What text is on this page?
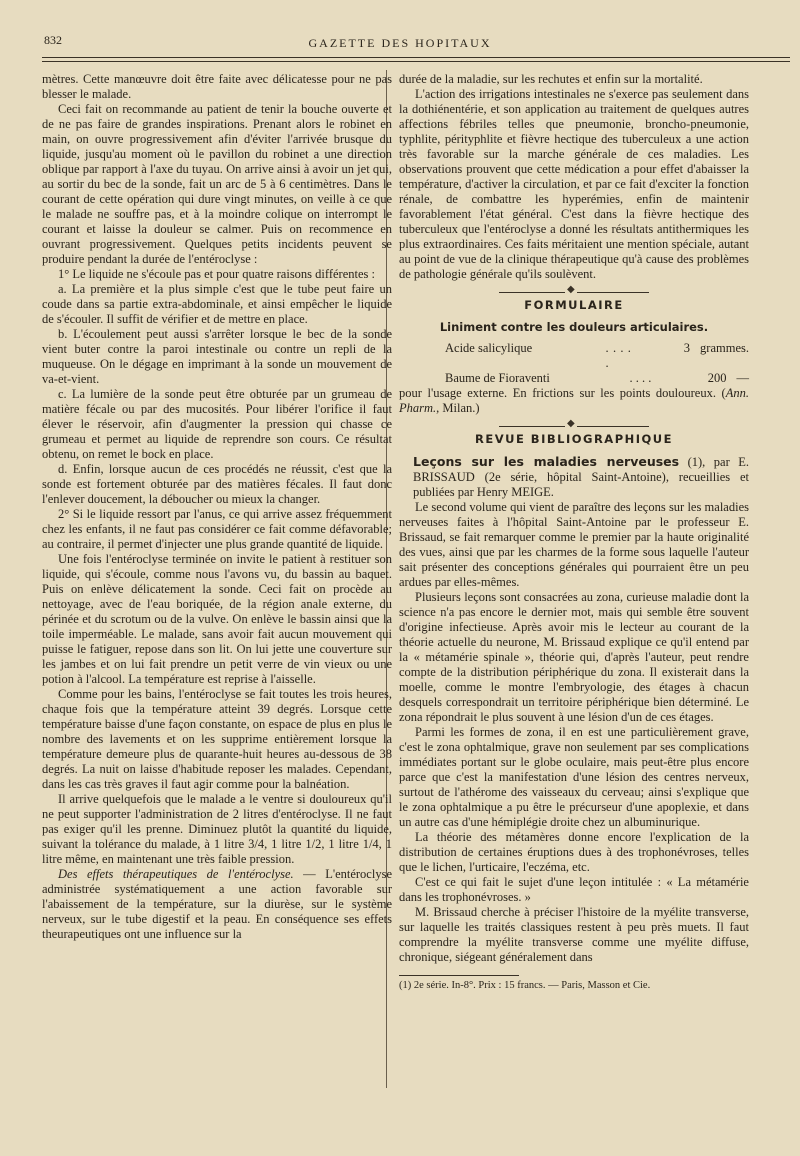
832	GAZETTE DES HOPITAUX

mètres. Cette manœuvre doit être faite avec délicatesse pour ne pas blesser le malade.

Ceci fait on recommande au patient de tenir la bouche ouverte et de ne pas faire de grandes inspirations. Prenant alors le robinet en main, on ouvre progressivement afin d'éviter l'arrivée brusque du liquide, jusqu'au moment où le pavillon du robinet a une direction oblique par rapport à l'axe du tuyau. On arrive ainsi à avoir un jet qui, au sortir du bec de la sonde, fait un arc de 5 à 6 centimètres. Dans le courant de cette opération qui dure vingt minutes, on veille à ce que le malade ne souffre pas, et à la moindre colique on interrompt le courant et laisse la douleur se calmer. Puis on recommence en ouvrant progressivement. Quelques petits incidents peuvent se produire pendant la durée de l'entéroclyse :

1° Le liquide ne s'écoule pas et pour quatre raisons différentes :

a. La première et la plus simple c'est que le tube peut faire un coude dans sa partie extra-abdominale, et ainsi empêcher le liquide de s'écouler. Il suffit de vérifier et de mettre en place.

b. L'écoulement peut aussi s'arrêter lorsque le bec de la sonde vient buter contre la paroi intestinale ou contre un repli de la muqueuse. On le dégage en imprimant à la sonde un mouvement de va-et-vient.

c. La lumière de la sonde peut être obturée par un grumeau de matière fécale ou par des mucosités. Pour libérer l'orifice il faut élever le réservoir, afin d'augmenter la pression qui chasse ce grumeau et permet au liquide de reprendre son cours. Ce résultat obtenu, on remet le bock en place.

d. Enfin, lorsque aucun de ces procédés ne réussit, c'est que la sonde est fortement obturée par des matières fécales. Il faut donc l'enlever doucement, la déboucher ou mieux la changer.

2° Si le liquide ressort par l'anus, ce qui arrive assez fréquemment chez les enfants, il ne faut pas considérer ce fait comme défavorable; au contraire, il permet d'injecter une plus grande quantité de liquide.

Une fois l'entéroclyse terminée on invite le patient à restituer son liquide, qui s'écoule, comme nous l'avons vu, du bassin au baquet. Puis on enlève délicatement la sonde. Ceci fait on procède au nettoyage, avec de l'eau boriquée, de la région anale externe, du périnée et du scrotum ou de la vulve. On enlève le bassin ainsi que la toile imperméable. Le malade, sans avoir fait aucun mouvement qui puisse le fatiguer, repose dans son lit. On lui jette une couverture sur les jambes et on lui fait prendre un petit verre de vin vieux ou une potion à l'alcool. La température est reprise à l'aisselle.

Comme pour les bains, l'entéroclyse se fait toutes les trois heures, chaque fois que la température atteint 39 degrés. Lorsque cette température baisse d'une façon constante, on espace de plus en plus le nombre des lavements et on les supprime entièrement lorsque la température demeure plus de quarante-huit heures au-dessous de 38 degrés. La nuit on laisse d'habitude reposer les malades. Cependant, dans les cas très graves il faut agir comme pour la balnéation.

Il arrive quelquefois que le malade a le ventre si douloureux qu'il ne peut supporter l'administration de 2 litres d'entéroclyse. Il ne faut pas exiger qu'il les prenne. Diminuez plutôt la quantité du liquide, suivant la tolérance du malade, à 1 litre 3/4, 1 litre 1/2, 1 litre 1/4, 1 litre même, en maintenant une très faible pression.

Des effets thérapeutiques de l'entéroclyse. — L'entéroclyse administrée systématiquement a une action favorable sur l'abaissement de la température, sur la diurèse, sur le système nerveux, sur le tube digestif et la peau. En conséquence ses effets theurapeutiques ont une influence sur la

durée de la maladie, sur les rechutes et enfin sur la mortalité.

L'action des irrigations intestinales ne s'exerce pas seulement dans la dothiénentérie, et son application au traitement de quelques autres affections fébriles telles que pneumonie, broncho-pneumonie, typhlite, pérityphlite et fièvre hectique des tuberculeux a une action très favorable sur la marche générale de ces maladies. Les observations prouvent que cette médication a pour effet d'abaisser la température, d'activer la circulation, et par ce fait d'exciter la fonction rénale, de combattre les hyperémies, enfin de maintenir favorablement l'état général. C'est dans la fièvre hectique des tuberculeux que l'entéroclyse a donné les résultats antithermiques les plus extraordinaires. Ces faits méritaient une mention spéciale, autant au point de vue de la clinique thérapeutique qu'à cause des problèmes de pathologie générale qu'ils soulèvent.

◆
FORMULAIRE
Liniment contre les douleurs articulaires.
Acide salicylique	. . . . .
3 grammes.
Baume de Fioraventi	. . . .	200 —

pour l'usage externe. En frictions sur les points douloureux. (Ann. Pharm., Milan.)

◆
REVUE BIBLIOGRAPHIQUE

Leçons sur les maladies nerveuses (1), par E. BRISSAUD (2e série, hôpital Saint-Antoine), recueillies et publiées par Henry MEIGE.

Le second volume qui vient de paraître des leçons sur les maladies nerveuses faites à l'hôpital Saint-Antoine par le professeur E. Brissaud, se fait remarquer comme le premier par la haute originalité des vues, ainsi que par les charmes de la forme sous laquelle l'auteur sait présenter des conceptions générales qui pourraient être un peu ardues par elles-mêmes.

Plusieurs leçons sont consacrées au zona, curieuse maladie dont la science n'a pas encore le dernier mot, mais qui semble être souvent d'origine infectieuse. Après avoir mis le lecteur au courant de la théorie actuelle du neurone, M. Brissaud explique ce qu'il entend par la « métamérie spinale », théorie qui, d'après l'auteur, peut rendre compte de la distribution périphérique du zona. Il existerait dans la moelle, comme le montre l'embryologie, des étages à chacun desquels correspondrait un territoire périphérique bien déterminé. Le zona répondrait le plus souvent à une lésion d'un de ces étages.

Parmi les formes de zona, il en est une particulièrement grave, c'est le zona ophtalmique, grave non seulement par ses complications immédiates portant sur le globe oculaire, mais peut-être plus encore parce que c'est la manifestation d'une lésion des centres nerveux, surtout de l'athérome des vaisseaux du cerveau; ainsi s'explique que le zona ophtalmique a pu être le précurseur d'une apoplexie, et dans un autre cas d'une hémiplégie droite chez un albuminurique.

La théorie des métamères donne encore l'explication de la distribution de certaines éruptions dues à des trophonévroses, telles que le lichen, l'urticaire, l'eczéma, etc.

C'est ce qui fait le sujet d'une leçon intitulée : « La métamérie dans les trophonévroses. »

M. Brissaud cherche à préciser l'histoire de la myélite transverse, sur laquelle les traités classiques restent à peu près muets. Il faut comprendre la myélite transverse comme une myélite diffuse, chronique, siégeant généralement dans

(1) 2e série. In-8°. Prix : 15 francs. — Paris, Masson et Cie.
